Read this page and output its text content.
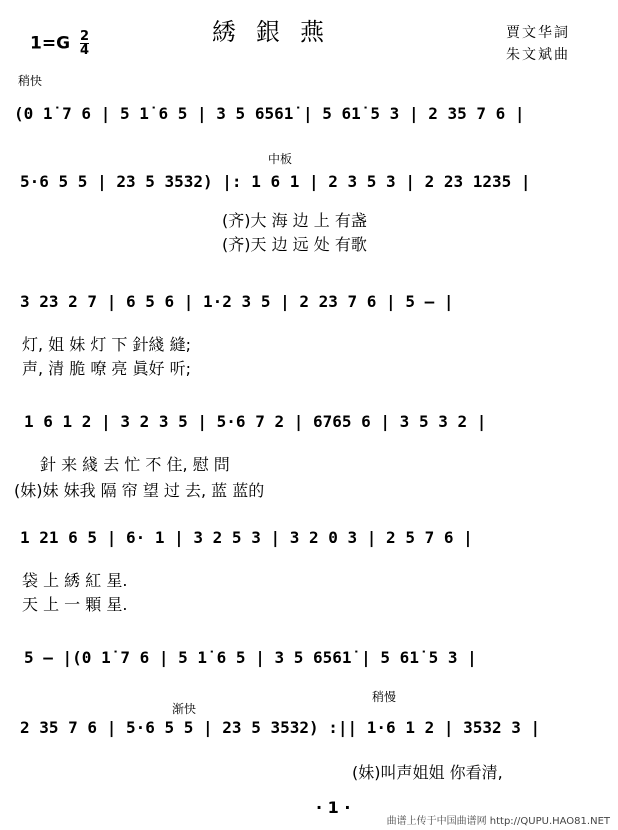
$1=G \frac{2}{4}$	綉銀燕	賈文华詞
朱文斌曲
稍快
(0 1̇ 7 6 | 5 1̇ 6 5 | 3 5 6561̇ | 5 61̇ 5 3 | 2 35 7 6 |
中板
5·6 5 5 | 23 5 3532) |: 1 6 1 | 2 3 5 3 | 2 23 1235 |
(齐)大 海 边 上 有盏
(齐)天 边 远 处 有歌
3 23 2 7 | 6 5 6 | 1·2 3 5 | 2 23 7 6 | 5 – |
灯, 姐 妹 灯 下 針綫 縫;
声, 清 脆 嘹 亮 眞好 听;
1 6 1 2 | 3 2 3 5 | 5·6 7 2 | 6765 6 | 3 5 3 2 |
針 来 綫 去 忙 不 住, 慰 問
(妹)妹 妹我 隔 帘 望 过 去, 蓝 蓝的
1 21 6 5 | 6· 1 | 3 2 5 3 | 3 2 0 3 | 2 5 7 6 |
袋 上 綉 紅 星.
天 上 一 顆 星.
5 – |(0 1̇ 7 6 | 5 1̇ 6 5 | 3 5 6561̇ | 5 61̇ 5 3 |
渐快
稍慢
2 35 7 6 | 5·6 5 5 | 23 5 3532) :|| 1·6 1 2 | 3532 3 |
(妹)叫声姐姐 你看清,
· 1 ·
曲谱上传于中国曲谱网 http://QUPU.HAO81.NET
